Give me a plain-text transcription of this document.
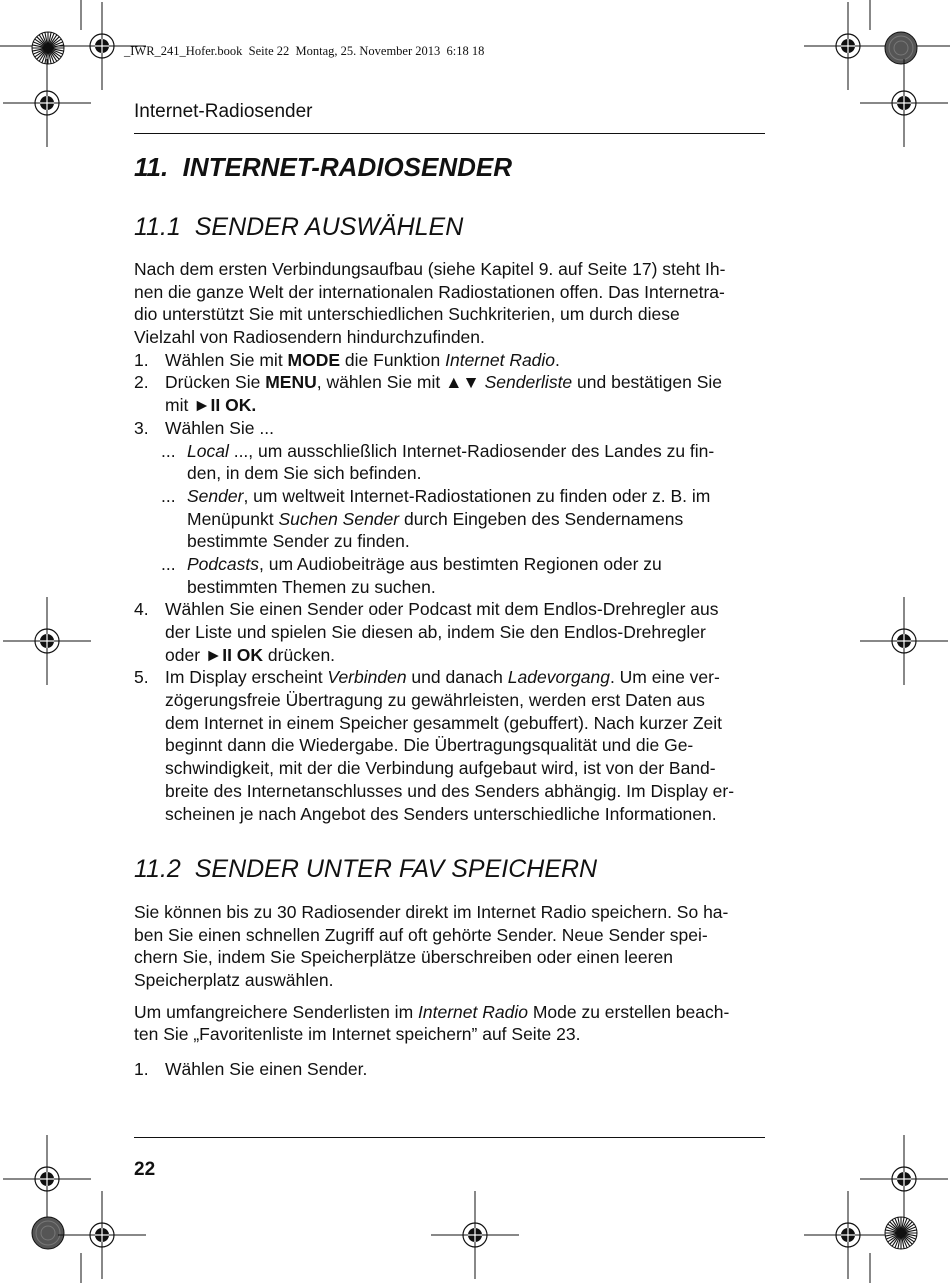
_IWR_241_Hofer.book  Seite 22  Montag, 25. November 2013  6:18 18
Internet-Radiosender
11. INTERNET-RADIOSENDER
11.1 SENDER AUSWÄHLEN
Nach dem ersten Verbindungsaufbau (siehe Kapitel 9. auf Seite 17) steht Ih-
nen die ganze Welt der internationalen Radiostationen offen. Das Internetra-
dio unterstützt Sie mit unterschiedlichen Suchkriterien, um durch diese
Vielzahl von Radiosendern hindurchzufinden.
1. Wählen Sie mit MODE die Funktion Internet Radio.
2. Drücken Sie MENU, wählen Sie mit ▲▼ Senderliste und bestätigen Sie
mit ►II OK.
3. Wählen Sie ...
... Local ..., um ausschließlich Internet-Radiosender des Landes zu fin-
den, in dem Sie sich befinden.
... Sender, um weltweit Internet-Radiostationen zu finden oder z. B. im
Menüpunkt Suchen Sender durch Eingeben des Sendernamens
bestimmte Sender zu finden.
... Podcasts, um Audiobeiträge aus bestimten Regionen oder zu
bestimmten Themen zu suchen.
4. Wählen Sie einen Sender oder Podcast mit dem Endlos-Drehregler aus
der Liste und spielen Sie diesen ab, indem Sie den Endlos-Drehregler
oder ►II OK drücken.
5. Im Display erscheint Verbinden und danach Ladevorgang. Um eine ver-
zögerungsfreie Übertragung zu gewährleisten, werden erst Daten aus
dem Internet in einem Speicher gesammelt (gebuffert). Nach kurzer Zeit
beginnt dann die Wiedergabe. Die Übertragungsqualität und die Ge-
schwindigkeit, mit der die Verbindung aufgebaut wird, ist von der Band-
breite des Internetanschlusses und des Senders abhängig. Im Display er-
scheinen je nach Angebot des Senders unterschiedliche Informationen.
11.2 SENDER UNTER FAV SPEICHERN
Sie können bis zu 30 Radiosender direkt im Internet Radio speichern. So ha-
ben Sie einen schnellen Zugriff auf oft gehörte Sender. Neue Sender spei-
chern Sie, indem Sie Speicherplätze überschreiben oder einen leeren
Speicherplatz auswählen.
Um umfangreichere Senderlisten im Internet Radio Mode zu erstellen beach-
ten Sie „Favoritenliste im Internet speichern” auf Seite 23.
1. Wählen Sie einen Sender.
22
